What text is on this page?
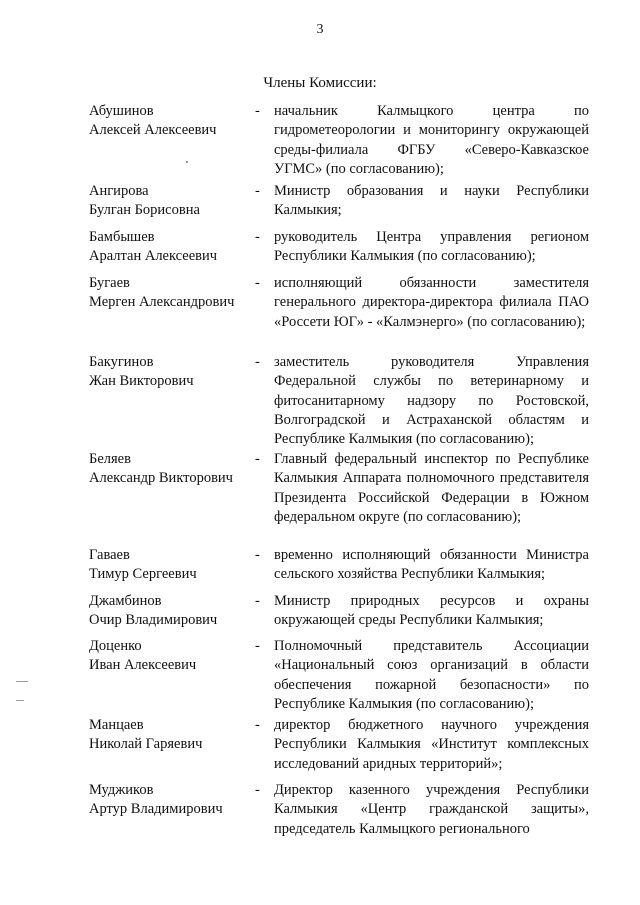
3
Члены Комиссии:
Абушинов
Алексей Алексеевич
- начальник Калмыцкого центра по гидрометеорологии и мониторингу окружающей среды-филиала ФГБУ «Северо-Кавказское УГМС» (по согласованию);
Ангирова
Булган Борисовна
- Министр образования и науки Республики Калмыкия;
Бамбышев
Аралтан Алексеевич
- руководитель Центра управления регионом Республики Калмыкия (по согласованию);
Бугаев
Мерген Александрович
- исполняющий обязанности заместителя генерального директора-директора филиала ПАО «Россети ЮГ» - «Калмэнерго» (по согласованию);
Бакугинов
Жан Викторович
- заместитель руководителя Управления Федеральной службы по ветеринарному и фитосанитарному надзору по Ростовской, Волгоградской и Астраханской областям и Республике Калмыкия (по согласованию);
Беляев
Александр Викторович
- Главный федеральный инспектор по Республике Калмыкия Аппарата полномочного представителя Президента Российской Федерации в Южном федеральном округе (по согласованию);
Гаваев
Тимур Сергеевич
- временно исполняющий обязанности Министра сельского хозяйства Республики Калмыкия;
Джамбинов
Очир Владимирович
- Министр природных ресурсов и охраны окружающей среды Республики Калмыкия;
Доценко
Иван Алексеевич
- Полномочный представитель Ассоциации «Национальный союз организаций в области обеспечения пожарной безопасности» по Республике Калмыкия (по согласованию);
Манцаев
Николай Гаряевич
- директор бюджетного научного учреждения Республики Калмыкия «Институт комплексных исследований аридных территорий»;
Муджиков
Артур Владимирович
- Директор казенного учреждения Республики Калмыкия «Центр гражданской защиты», председатель Калмыцкого регионального
